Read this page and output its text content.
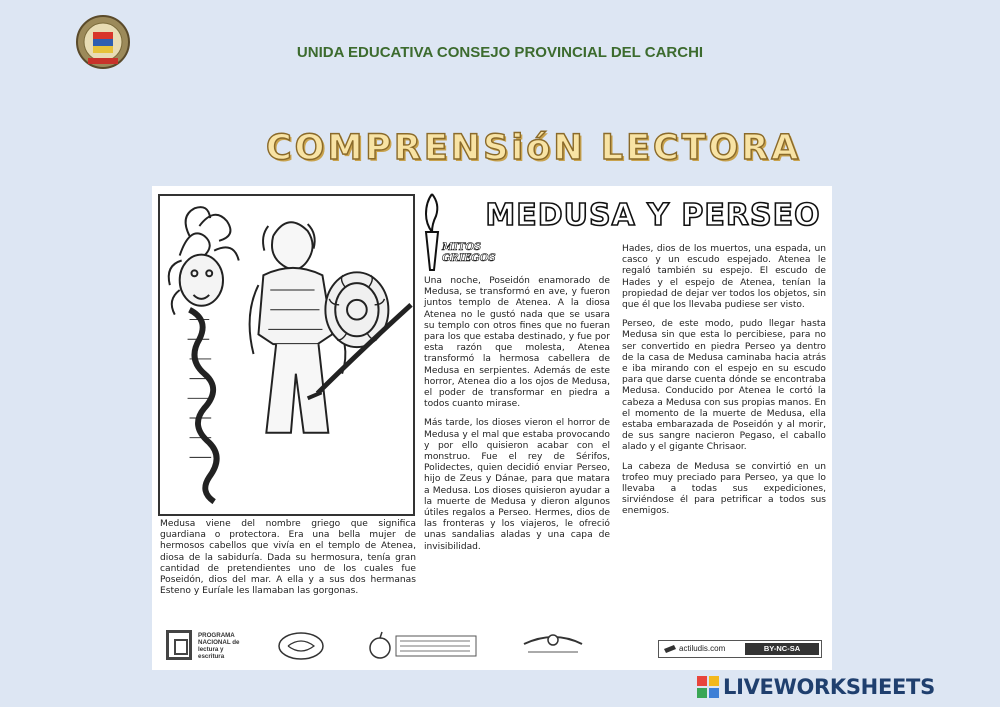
UNIDA EDUCATIVA CONSEJO PROVINCIAL DEL CARCHI
COMPRENSióN LECTORA
MITOS
GRIEGOS
MEDUSA Y PERSEO

Medusa viene del nombre griego que significa guardiana o protectora. Era una bella mujer de hermosos cabellos que vivía en el templo de Atenea, diosa de la sabiduría. Dada su hermosura, tenía gran cantidad de pretendientes uno de los cuales fue Poseidón, dios del mar. A ella y a sus dos hermanas Esteno y Euríale les llamaban las gorgonas.

Una noche, Poseidón enamorado de Medusa, se transformó en ave, y fueron juntos templo de Atenea. A la diosa Atenea no le gustó nada que se usara su templo con otros fines que no fueran para los que estaba destinado, y fue por esta razón que molesta, Atenea transformó la hermosa cabellera de Medusa en serpientes. Además de este horror, Atenea dio a los ojos de Medusa, el poder de transformar en piedra a todos cuanto mirase.

Más tarde, los dioses vieron el horror de Medusa y el mal que estaba provocando y por ello quisieron acabar con el monstruo. Fue el rey de Sérifos, Polidectes, quien decidió enviar Perseo, hijo de Zeus y Dánae, para que matara a Medusa. Los dioses quisieron ayudar a la muerte de Medusa y dieron algunos útiles regalos a Perseo. Hermes, dios de las fronteras y los viajeros, le ofreció unas sandalias aladas y una capa de invisibilidad.

Hades, dios de los muertos, una espada, un casco y un escudo espejado. Atenea le regaló también su espejo. El escudo de Hades y el espejo de Atenea, tenían la propiedad de dejar ver todos los objetos, sin que él que los llevaba pudiese ser visto.

Perseo, de este modo, pudo llegar hasta Medusa sin que esta lo percibiese, para no ser convertido en piedra Perseo ya dentro de la casa de Medusa caminaba hacia atrás e iba mirando con el espejo en su escudo para que darse cuenta dónde se encontraba Medusa. Conducido por Atenea le cortó la cabeza a Medusa con sus propias manos. En el momento de la muerte de Medusa, ella estaba embarazada de Poseidón y al morir, de sus sangre nacieron Pegaso, el caballo alado y el gigante Chrisaor.

La cabeza de Medusa se convirtió en un trofeo muy preciado para Perseo, ya que lo llevaba a todas sus expediciones, sirviéndose él para petrificar a todos sus enemigos.

PROGRAMA NACIONAL de lectura y escritura
actiludis.com	BY-NC-SA
LIVEWORKSHEETS
